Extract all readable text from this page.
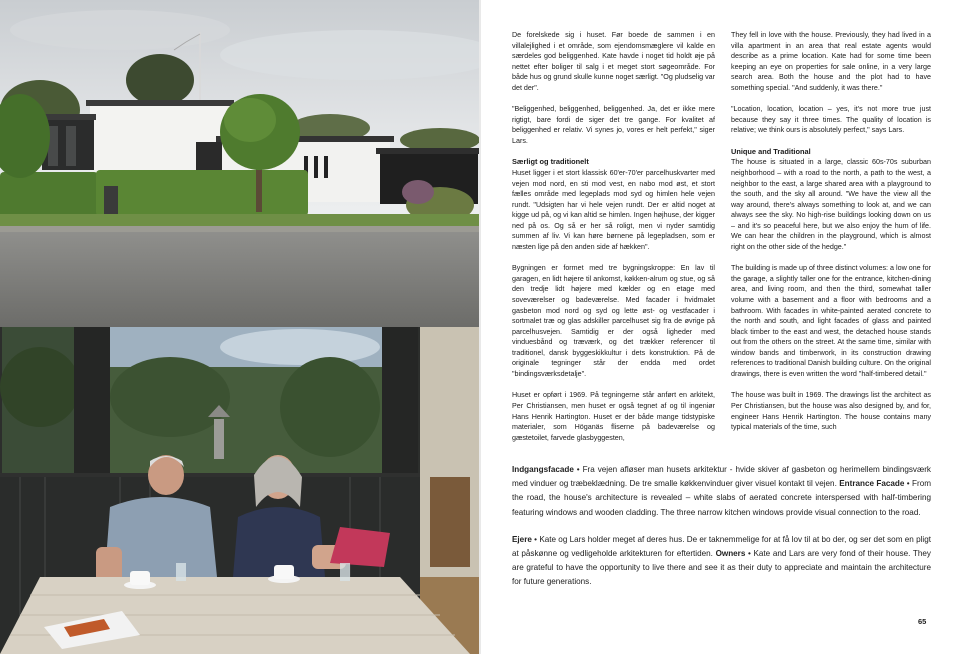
De forelskede sig i huset. Før boede de sammen i en villalejlighed i et område, som ejendomsmæglere vil kalde en særdeles god beliggenhed. Kate havde i noget tid holdt øje på nettet efter boliger til salg i et meget stort søgeområde. For både hus og grund skulle kunne noget særligt. "Og pludselig var det der".

"Beliggenhed, beliggenhed, beliggenhed. Ja, det er ikke mere rigtigt, bare fordi de siger det tre gange. For kvalitet af beliggenhed er relativ. Vi synes jo, vores er helt perfekt," siger Lars.

Særligt og traditionelt

Huset ligger i et stort klassisk 60'er-70'er parcelhuskvarter med vejen mod nord, en sti mod vest, en nabo mod øst, et stort fælles område med legeplads mod syd og himlen hele vejen rundt. "Udsigten har vi hele vejen rundt. Der er altid noget at kigge ud på, og vi kan altid se himlen. Ingen højhuse, der kigger ned på os. Og så er her så roligt, men vi nyder samtidig summen af liv. Vi kan høre børnene på legepladsen, som er næsten lige på den anden side af hækken".

Bygningen er formet med tre bygningskroppe: En lav til garagen, en lidt højere til ankomst, køkken-alrum og stue, og så den tredje lidt højere med kælder og en etage med soveværelser og badeværelse. Med facader i hvidmalet gasbeton mod nord og syd og lette øst- og vestfacader i sortmalet træ og glas adskiller parcelhuset sig fra de øvrige på parcelhusvejen. Samtidig er der også ligheder med vinduesbånd og træværk, og det trækker referencer til traditionel, dansk byggeskikkultur i dets konstruktion. På de originale tegninger står der endda med ordet "bindingsværksdetalje".

Huset er opført i 1969. På tegningerne står anført en arkitekt, Per Christiansen, men huset er også tegnet af og til ingeniør Hans Henrik Hartington. Huset er der både mange tidstypiske materialer, som Höganäs fliserne på badeværelse og gæstetoilet, farvede glasbyggesten,

They fell in love with the house. Previously, they had lived in a villa apartment in an area that real estate agents would describe as a prime location. Kate had for some time been keeping an eye on properties for sale online, in a very large search area. Both the house and the plot had to have something special. "And suddenly, it was there."

"Location, location, location – yes, it's not more true just because they say it three times. The quality of location is relative; we think ours is absolutely perfect," says Lars.

Unique and Traditional

The house is situated in a large, classic 60s-70s suburban neighborhood – with a road to the north, a path to the west, a neighbor to the east, a large shared area with a playground to the south, and the sky all around. "We have the view all the way around, there's always something to look at, and we can always see the sky. No high-rise buildings looking down on us – and it's so peaceful here, but we also enjoy the hum of life. We can hear the children in the playground, which is almost right on the other side of the hedge."

The building is made up of three distinct volumes: a low one for the garage, a slightly taller one for the entrance, kitchen-dining area, and living room, and then the third, somewhat taller volume with a basement and a floor with bedrooms and a bathroom. With facades in white-painted aerated concrete to the north and south, and light facades of glass and painted black timber to the east and west, the detached house stands out from the others on the street. At the same time, similar with window bands and timberwork, in its construction drawing references to traditional Danish building culture. On the original drawings, there is even written the word "half-timbered detail."

The house was built in 1969. The drawings list the architect as Per Christiansen, but the house was also designed by, and for, engineer Hans Henrik Hartington. The house contains many typical materials of the time, such

Indgangsfacade • Fra vejen afløser man husets arkitektur - hvide skiver af gasbeton og herimellem bindingsværk med vinduer og træbeklædning. De tre smalle køkkenvinduer giver visuel kontakt til vejen. Entrance Facade • From the road, the house's architecture is revealed – white slabs of aerated concrete interspersed with half-timbering featuring windows and wooden cladding. The three narrow kitchen windows provide visual connection to the road.

Ejere • Kate og Lars holder meget af deres hus. De er taknemmelige for at få lov til at bo der, og ser det som en pligt at påskønne og vedligeholde arkitekturen for eftertiden. Owners • Kate and Lars are very fond of their house. They are grateful to have the opportunity to live there and see it as their duty to appreciate and maintain the architecture for future generations.

65
